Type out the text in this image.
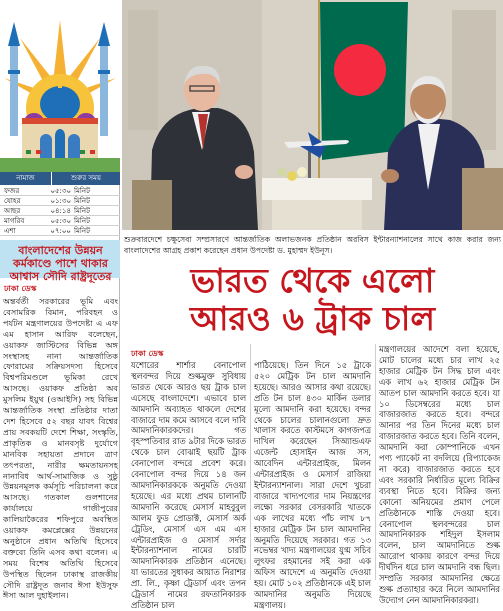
নামাজ	শুরুর সময়
ফজর	০৫:৩০ মিনিট
যোহর	০১:৩০ মিনিট
আছর	০৪:১৪ মিনিট
মাগরিব	০৫:৩০ মিনিট
এশা	০৭:০০ মিনিট
বাংলাদেশের উন্নয়ন কর্মকাণ্ডে পাশে থাকার আশ্বাস সৌদি রাষ্ট্রদূতের
ঢাকা ডেস্ক
অন্তর্বর্তী সরকারের ভূমি এবং বেসামরিক বিমান, পরিবহন ও পর্যটন মন্ত্রণালয়ের উপদেষ্টা এ এফ এম হাসান আরিফ বলেছেন, ওয়াকফ জাস্টিসের বিভিন্ন অঙ্গ সংস্থাসহ নানা আন্তর্জাতিক ফোরামের সক্রিয়সদস্য হিসেবে বিশ্বপরিমণ্ডলে ভূমিকা রেখে আসছে। ওয়াকফ প্রতিষ্ঠা অব মুসলিম ইয়ুথ (ওআইসি) সহ বিভিন্ন আন্তর্জাতিক সংস্থা প্রতিষ্ঠার দাতা দেশ হিসেবে ৫২ বছর যাবৎ বিশ্বের প্রায় সবকয়টি দেশে শিক্ষা, সংস্কৃতি, প্রাকৃতিক ও মানবসৃষ্ট দুর্যোগে মানবিক সহায়তা প্রদানে ত্রাণ তৎপরতা, নারীর ক্ষমতায়নসহ নানাবিধ আর্থ-সামাজিক ও সুষ্ঠু উন্নয়নমূলক কর্মসূচি পরিচালনা করে আসছে। গতকাল গুলশানের কার্যালয়ে গাজীপুরের কালিয়াকৈরের শফিপুরে অবস্থিত ওয়াকফ কমপ্লেক্সের উন্নয়নের অনুষ্ঠানে প্রধান অতিথি হিসেবে বক্তব্যে তিনি এসব কথা বলেন। এ সময় বিশেষ অতিথি হিসেবে উপস্থিত ছিলেন ঢাকাস্থ রাজকীয় সৌদি রাষ্ট্রদূত জনাব ঈসা ইউসুফ ঈসা আল দুহাইলান।
শুক্রবারদেশে চক্ষুসেবা সম্প্রসারণে আন্তর্জাতিক অলাভজনক প্রতিষ্ঠান অরবিস ইন্টারন্যাশনালের সাথে কাজ করার জন্য বাংলাদেশের আগ্রহ প্রকাশ করেছেন প্রধান উপদেষ্টা ড. মুহাম্মদ ইউনূস।
ভারত থেকে এলো
আরও ৬ ট্রাক চাল
ঢাকা ডেস্ক
যশোরের শার্শার বেনাপোল স্থলবন্দর দিয়ে শুল্কমুক্ত সুবিধায় ভারত থেকে আরও ছয় ট্রাক চাল এসেছে বাংলাদেশে। এভাবে চাল আমদানি অব্যাহত থাকলে দেশের বাজারে দাম কমে আসবে বলে দাবি আমদানিকারকদের। গত বৃহস্পতিবার রাত ৯টার দিকে ভারত থেকে চাল বোঝাই ছয়টি ট্রাক বেনাপোল বন্দরে প্রবেশ করে। বেনাপোল বন্দর দিয়ে ১৪ জন আমদানিকারককে অনুমতি দেওয়া হয়েছে। এর মধ্যে প্রথম চালানটি আমদানি করেছে মেসার্স মাহবুবুল আলম ফুড প্রোডাক্ট, মেসার্স অর্ক ট্রেডিং, মেসার্স এস এম এস এন্টারপ্রাইজ ও মেসার্স সর্দার ইন্টারন্যাশনাল নামের চারটি আমদানিকারক প্রতিষ্ঠান এনেছে। যা ভারতের সুধাকর আয়াত নিরাশর প্রা. লি., কৃষ্ণা ট্রেডার্স এবং তপন ট্রেডার্স নামের রফতানিকারক প্রতিষ্ঠান চাল
পাঠিয়েছে। তিন দিনে ১৫ ট্রাকে ৫২০ মেট্রিক টন চাল আমদানি হয়েছে। আরও আসার কথা রয়েছে। প্রতি টন চাল ৪৩০ মার্কিন ডলার মূল্যে আমদানি করা হয়েছে। বন্দর থেকে চালের চালানগুলো দ্রুত খালাস করতে কাস্টমসে কাগজপত্র দাখিল করেছেন সিঅ্যান্ডএফ এজেন্ট হোসাইন আজ সস, আবেদিন এন্টারপ্রাইজ, মিলন এন্টারপ্রাইজ ও মেসার্স রাজিয়া ইন্টারন্যাশনাল। সারা দেশে খুচরা বাজারে খাদ্যপণ্যের দাম নিয়ন্ত্রণের লক্ষ্যে সরকার বেসরকারি খাতকে এক লাখের মধ্যে পাঁচ লাখ ৮৭ হাজার মেট্রিক টন চাল আমদানির অনুমতি দিয়েছে সরকার। গত ১৩ নভেম্বর খাদ্য মন্ত্রণালয়ের যুগ্ম সচিব লুৎফর রহমানের সই করা এক অফিস আদেশে এ অনুমতি দেওয়া হয়। মোট ১০২ প্রতিষ্ঠানকে এই চাল আমদানির অনুমতি দিয়েছে মন্ত্রণালয়।
মন্ত্রণালয়ের আদেশে বলা হয়েছে, মোট চালের মধ্যে চার লাখ ২৫ হাজার মেট্রিক টন সিদ্ধ চাল এবং এক লাখ ৬২ হাজার মেট্রিক টন আতপ চাল আমদানি করতে হবে। যা ১০ ডিসেম্বরের মধ্যে চাল বাজারজাত করতে হবে। বন্দরে আনার পর তিন দিনের মধ্যে চাল বাজারজাত করতে হবে। তিনি বলেন, আমদানি করা কোম্পানিকে এখন পণ্য প্যাকেট না বদলিয়ে (রিপ্যাকেজ না করে) বাজারজাত করতে হবে এবং সরকারি নির্ধারিত মূল্যে বিক্রির ব্যবস্থা নিতে হবে। বিক্রির জন্য কোনো অনিয়মের প্রমাণ পেলে প্রতিষ্ঠানকে শাস্তি দেওয়া হবে। বেনাপোল স্থলবন্দরের চাল আমদানিকারক শহিদুল ইসলাম বলেন, চাল আমদানিতে শুল্ক আরোপ থাকায় কারণে বন্দর দিয়ে দীর্ঘদিন ধরে চাল আমদানি বন্ধ ছিল। সম্প্রতি সরকার আমদানির ক্ষেত্রে শুল্ক প্রত্যাহার করে নিলে আমদানির উদ্যোগ নেন আমদানিকারকরা।
